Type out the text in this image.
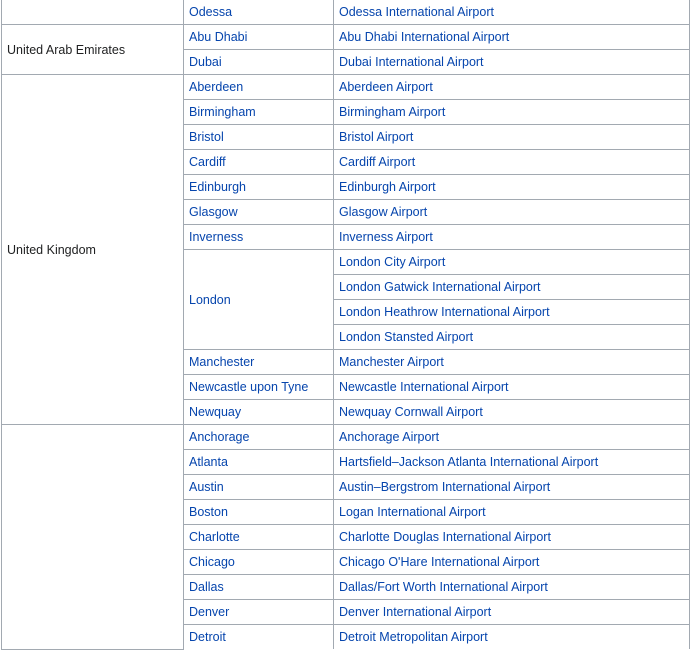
	Odessa	Odessa International Airport
United Arab Emirates	Abu Dhabi	Abu Dhabi International Airport
	Dubai	Dubai International Airport
United Kingdom	Aberdeen	Aberdeen Airport
	Birmingham	Birmingham Airport
	Bristol	Bristol Airport
	Cardiff	Cardiff Airport
	Edinburgh	Edinburgh Airport
	Glasgow	Glasgow Airport
	Inverness	Inverness Airport
	London	London City Airport
		London Gatwick International Airport
		London Heathrow International Airport
		London Stansted Airport
	Manchester	Manchester Airport
	Newcastle upon Tyne	Newcastle International Airport
	Newquay	Newquay Cornwall Airport
	Anchorage	Anchorage Airport
	Atlanta	Hartsfield–Jackson Atlanta International Airport
	Austin	Austin–Bergstrom International Airport
	Boston	Logan International Airport
	Charlotte	Charlotte Douglas International Airport
	Chicago	Chicago O'Hare International Airport
	Dallas	Dallas/Fort Worth International Airport
	Denver	Denver International Airport
	Detroit	Detroit Metropolitan Airport
